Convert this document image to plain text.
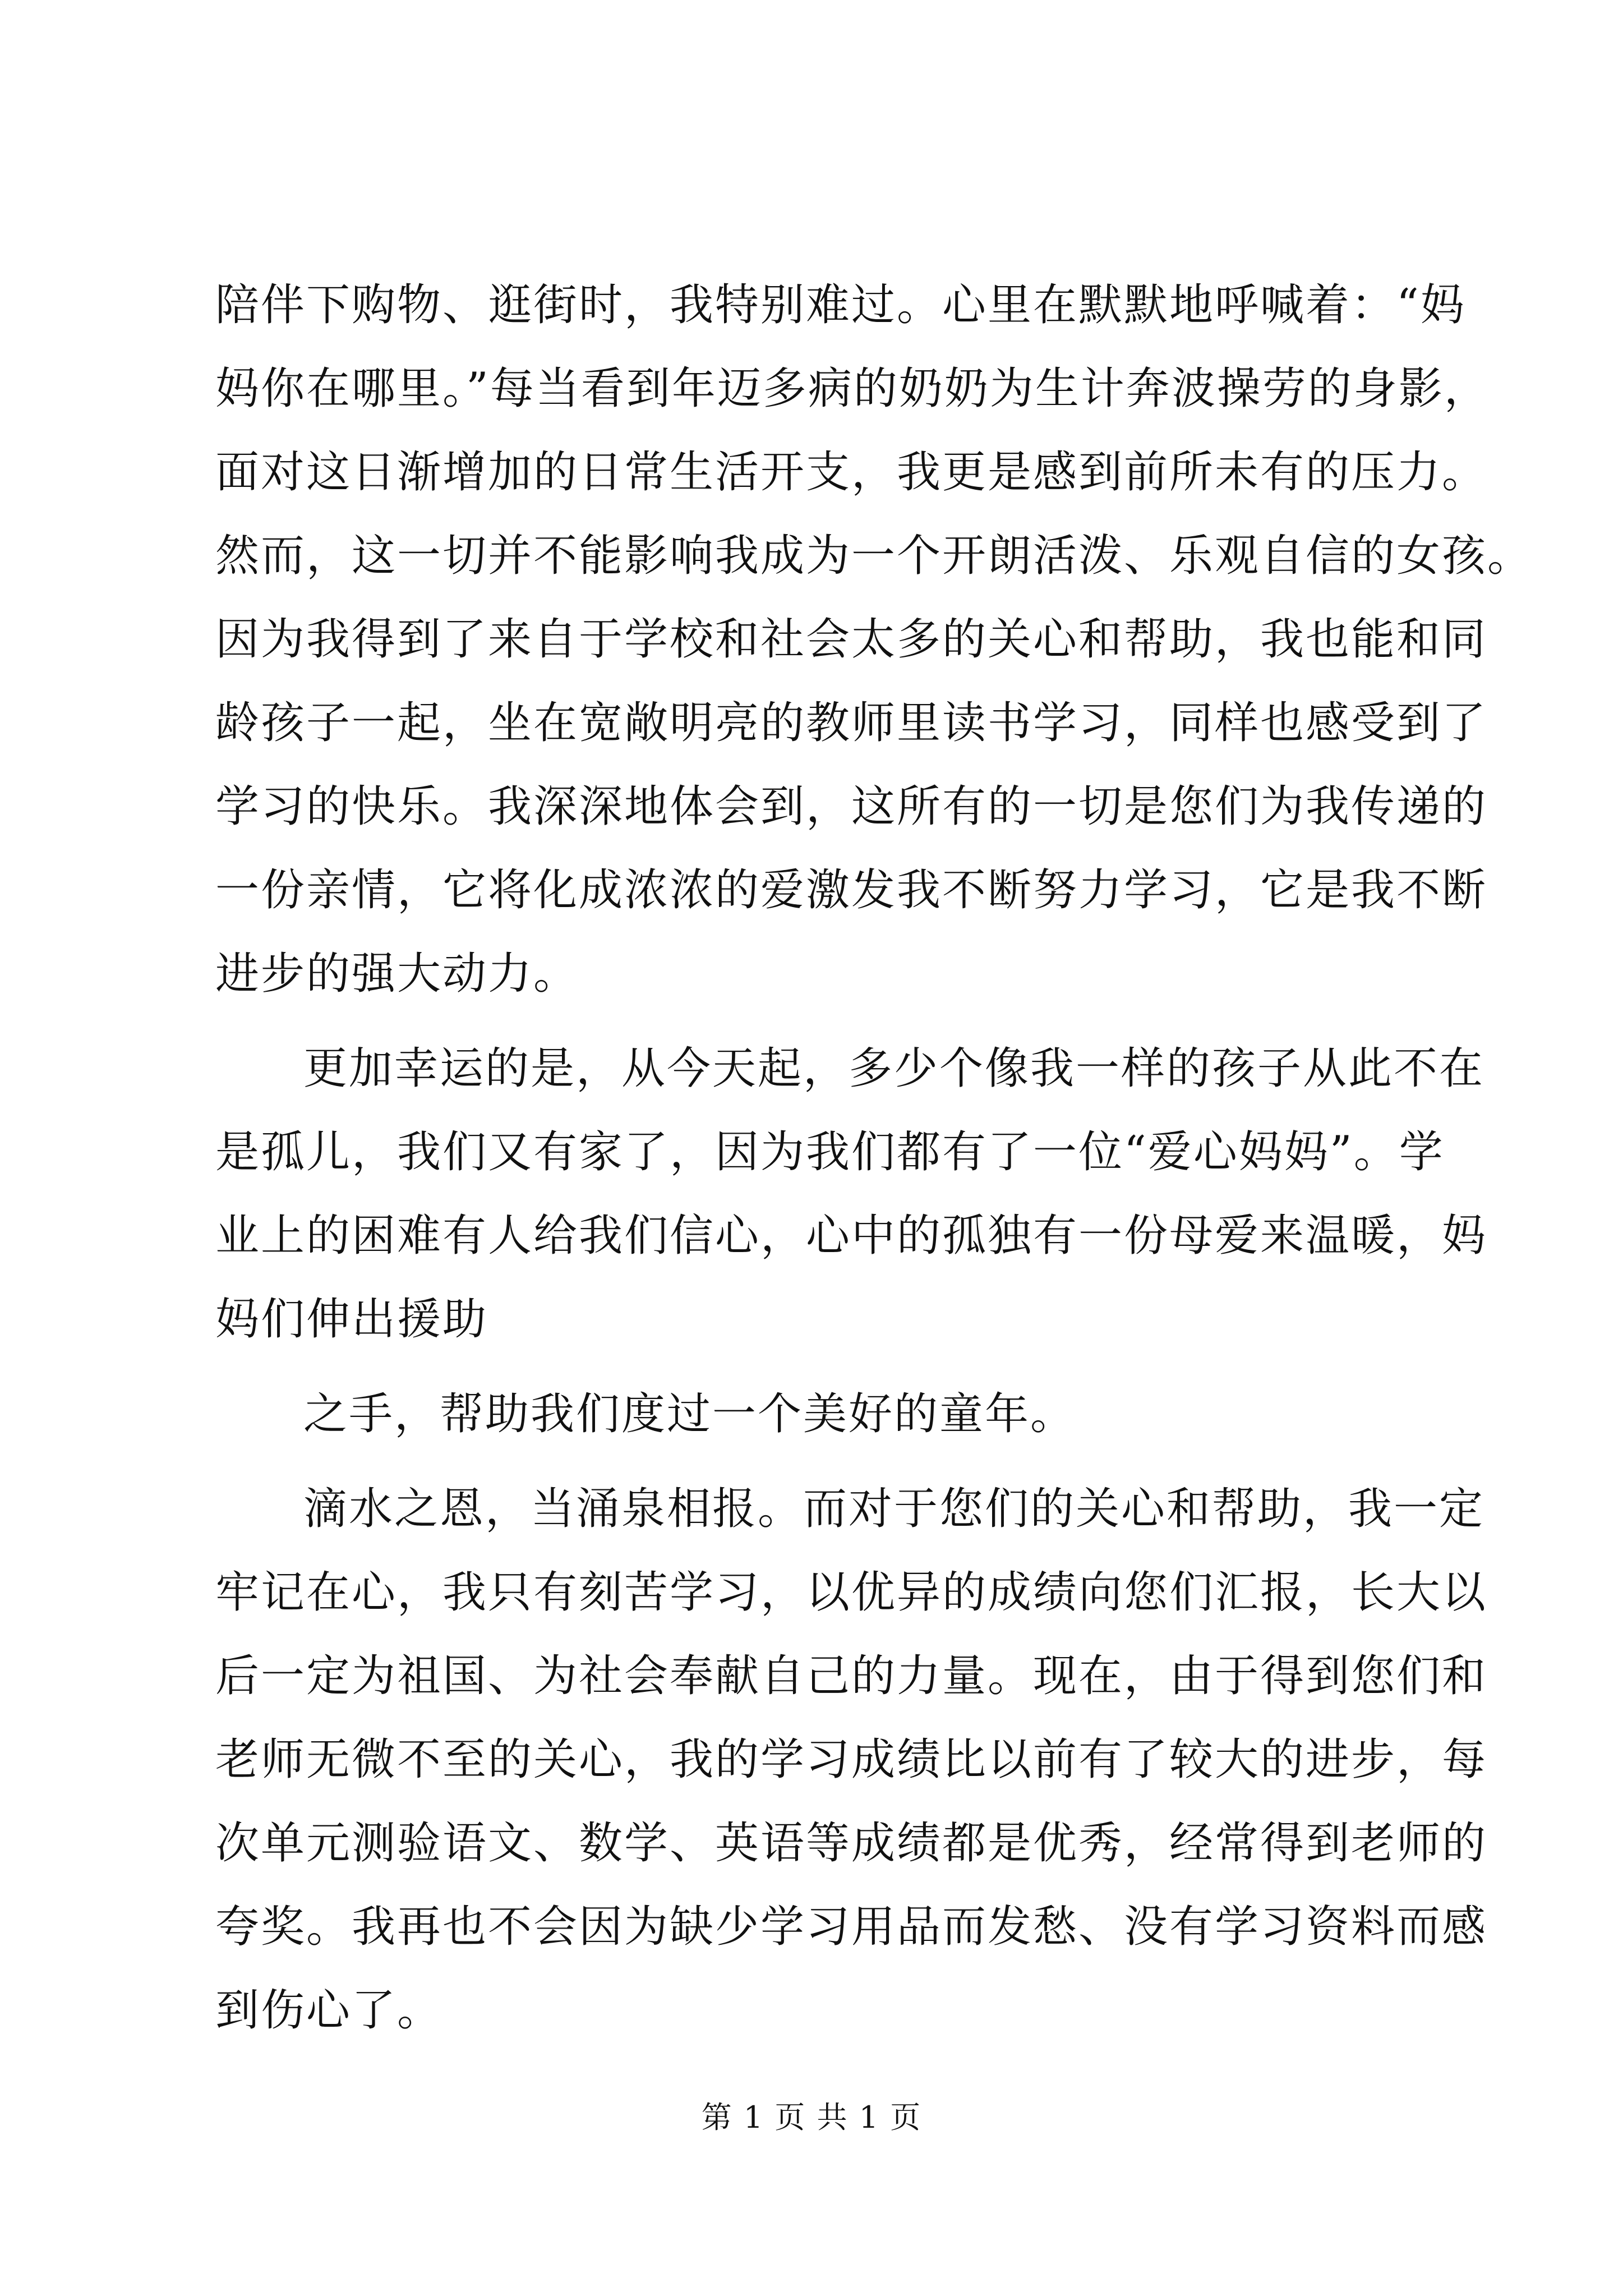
陪伴下购物、逛街时，我特别难过。心里在默默地呼喊着：“妈
妈你在哪里。”每当看到年迈多病的奶奶为生计奔波操劳的身影，
面对这日渐增加的日常生活开支，我更是感到前所未有的压力。
然而，这一切并不能影响我成为一个开朗活泼、乐观自信的女孩。
因为我得到了来自于学校和社会太多的关心和帮助，我也能和同
龄孩子一起，坐在宽敞明亮的教师里读书学习，同样也感受到了
学习的快乐。我深深地体会到，这所有的一切是您们为我传递的
一份亲情，它将化成浓浓的爱激发我不断努力学习，它是我不断
进步的强大动力。
更加幸运的是，从今天起，多少个像我一样的孩子从此不在
是孤儿，我们又有家了，因为我们都有了一位“爱心妈妈”。学
业上的困难有人给我们信心，心中的孤独有一份母爱来温暖，妈
妈们伸出援助
之手，帮助我们度过一个美好的童年。
滴水之恩，当涌泉相报。而对于您们的关心和帮助，我一定
牢记在心，我只有刻苦学习，以优异的成绩向您们汇报，长大以
后一定为祖国、为社会奉献自己的力量。现在，由于得到您们和
老师无微不至的关心，我的学习成绩比以前有了较大的进步，每
次单元测验语文、数学、英语等成绩都是优秀，经常得到老师的
夸奖。我再也不会因为缺少学习用品而发愁、没有学习资料而感
到伤心了。
第 1 页 共 1 页
